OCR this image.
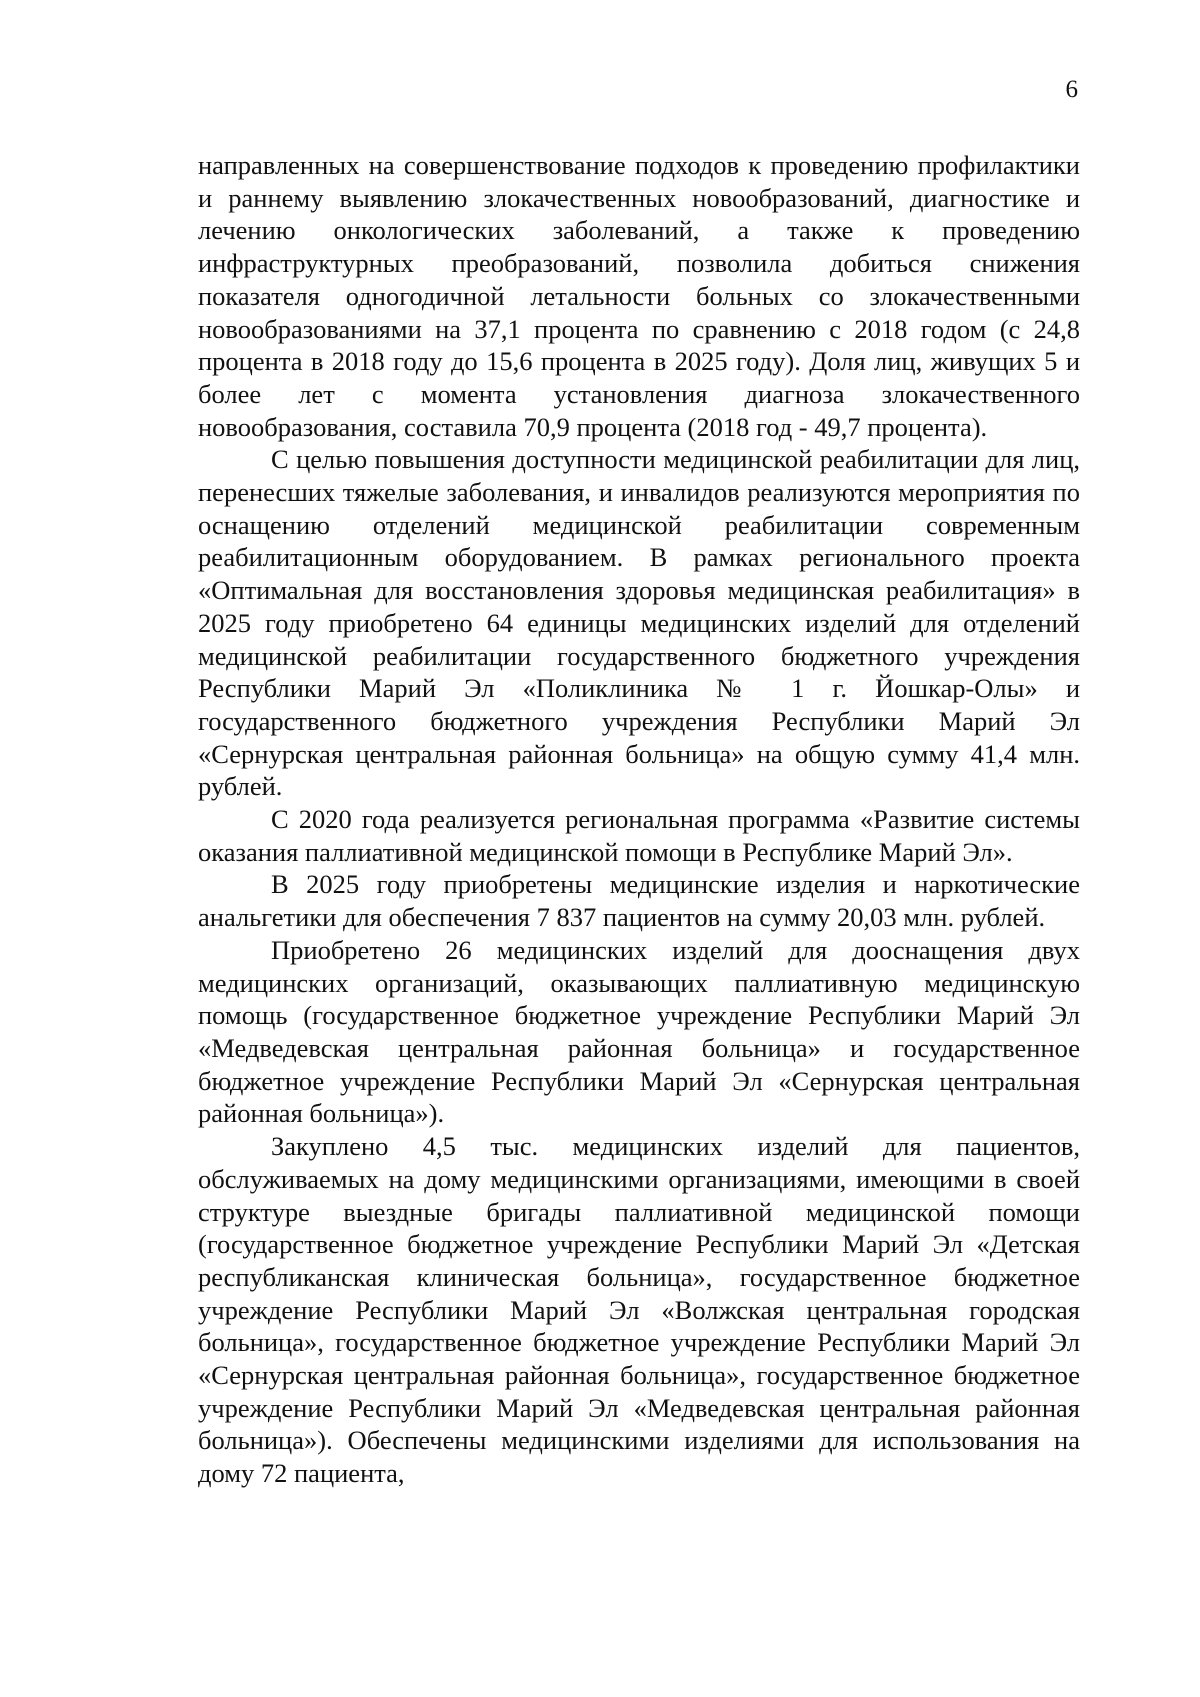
6

направленных на совершенствование подходов к проведению профилактики и раннему выявлению злокачественных новообразований, диагностике и лечению онкологических заболеваний, а также к проведению инфраструктурных преобразований, позволила добиться снижения показателя одногодичной летальности больных со злокачественными новообразованиями на 37,1 процента по сравнению с 2018 годом (с 24,8 процента в 2018 году до 15,6 процента в 2025 году). Доля лиц, живущих 5 и более лет с момента установления диагноза злокачественного новообразования, составила 70,9 процента (2018 год - 49,7 процента).

С целью повышения доступности медицинской реабилитации для лиц, перенесших тяжелые заболевания, и инвалидов реализуются мероприятия по оснащению отделений медицинской реабилитации современным реабилитационным оборудованием. В рамках регионального проекта «Оптимальная для восстановления здоровья медицинская реабилитация» в 2025 году приобретено 64 единицы медицинских изделий для отделений медицинской реабилитации государственного бюджетного учреждения Республики Марий Эл «Поликлиника № 1 г. Йошкар-Олы» и государственного бюджетного учреждения Республики Марий Эл «Сернурская центральная районная больница» на общую сумму 41,4 млн. рублей.

С 2020 года реализуется региональная программа «Развитие системы оказания паллиативной медицинской помощи в Республике Марий Эл».

В 2025 году приобретены медицинские изделия и наркотические анальгетики для обеспечения 7 837 пациентов на сумму 20,03 млн. рублей.

Приобретено 26 медицинских изделий для дооснащения двух медицинских организаций, оказывающих паллиативную медицинскую помощь (государственное бюджетное учреждение Республики Марий Эл «Медведевская центральная районная больница» и государственное бюджетное учреждение Республики Марий Эл «Сернурская центральная районная больница»).

Закуплено 4,5 тыс. медицинских изделий для пациентов, обслуживаемых на дому медицинскими организациями, имеющими в своей структуре выездные бригады паллиативной медицинской помощи (государственное бюджетное учреждение Республики Марий Эл «Детская республиканская клиническая больница», государственное бюджетное учреждение Республики Марий Эл «Волжская центральная городская больница», государственное бюджетное учреждение Республики Марий Эл «Сернурская центральная районная больница», государственное бюджетное учреждение Республики Марий Эл «Медведевская центральная районная больница»). Обеспечены медицинскими изделиями для использования на дому 72 пациента,
